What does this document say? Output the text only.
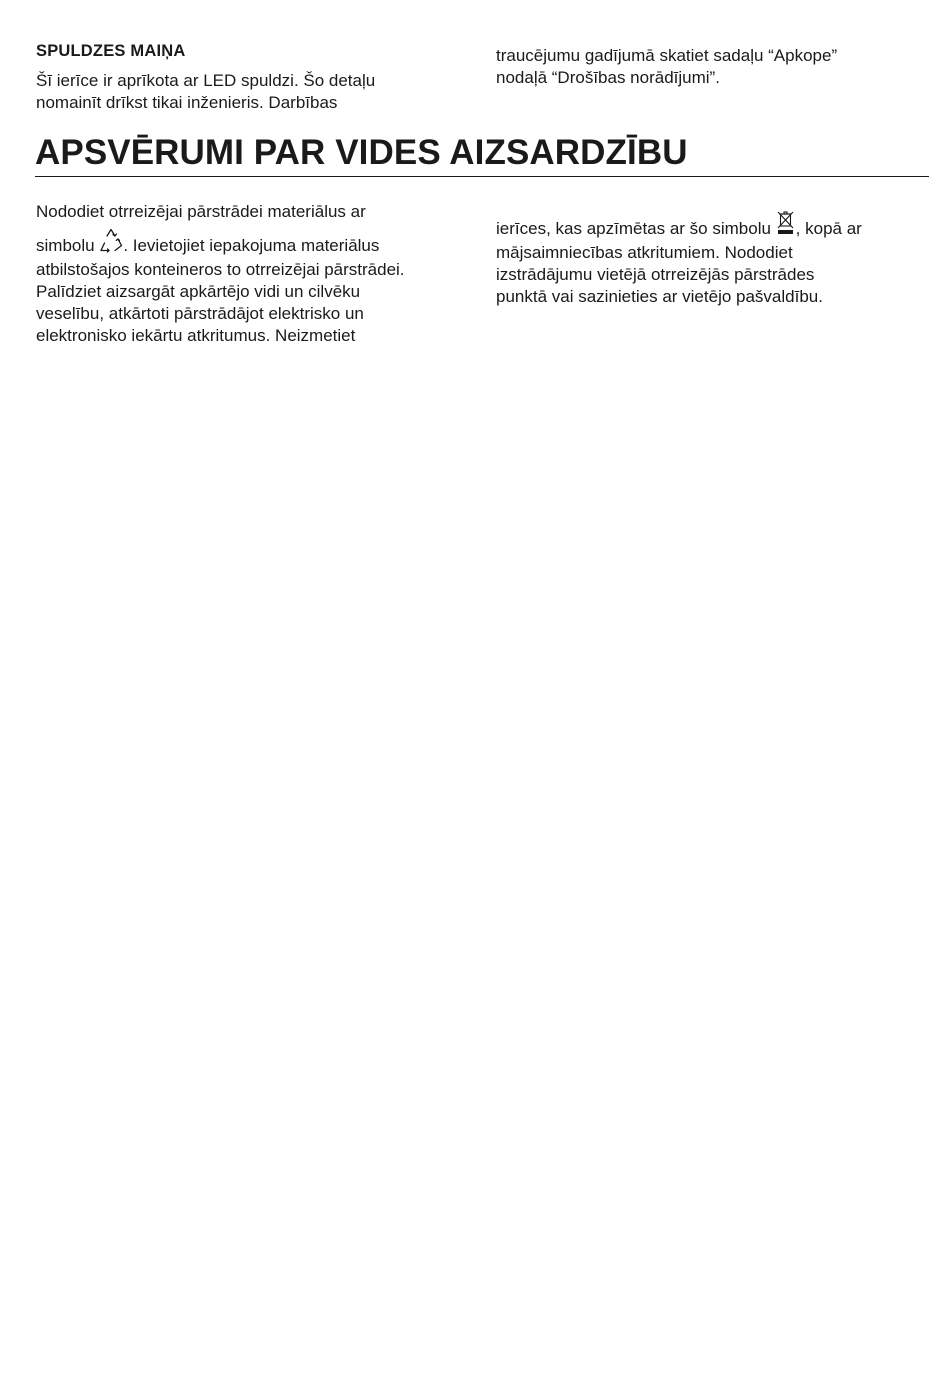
SPULDZES MAIŅA
Šī ierīce ir aprīkota ar LED spuldzi. Šo detaļu
nomainīt drīkst tikai inženieris. Darbības
traucējumu gadījumā skatiet sadaļu “Apkope”
nodaļā “Drošības norādījumi”.
APSVĒRUMI PAR VIDES AIZSARDZĪBU
Nododiet otrreizējai pārstrādei materiālus ar
simbolu . Ievietojiet iepakojuma materiālus
atbilstošajos konteineros to otrreizējai pārstrādei.
Palīdziet aizsargāt apkārtējo vidi un cilvēku
veselību, atkārtoti pārstrādājot elektrisko un
elektronisko iekārtu atkritumus. Neizmetiet
ierīces, kas apzīmētas ar šo simbolu , kopā ar
mājsaimniecības atkritumiem. Nododiet
izstrādājumu vietējā otrreizējās pārstrādes
punktā vai sazinieties ar vietējo pašvaldību.
